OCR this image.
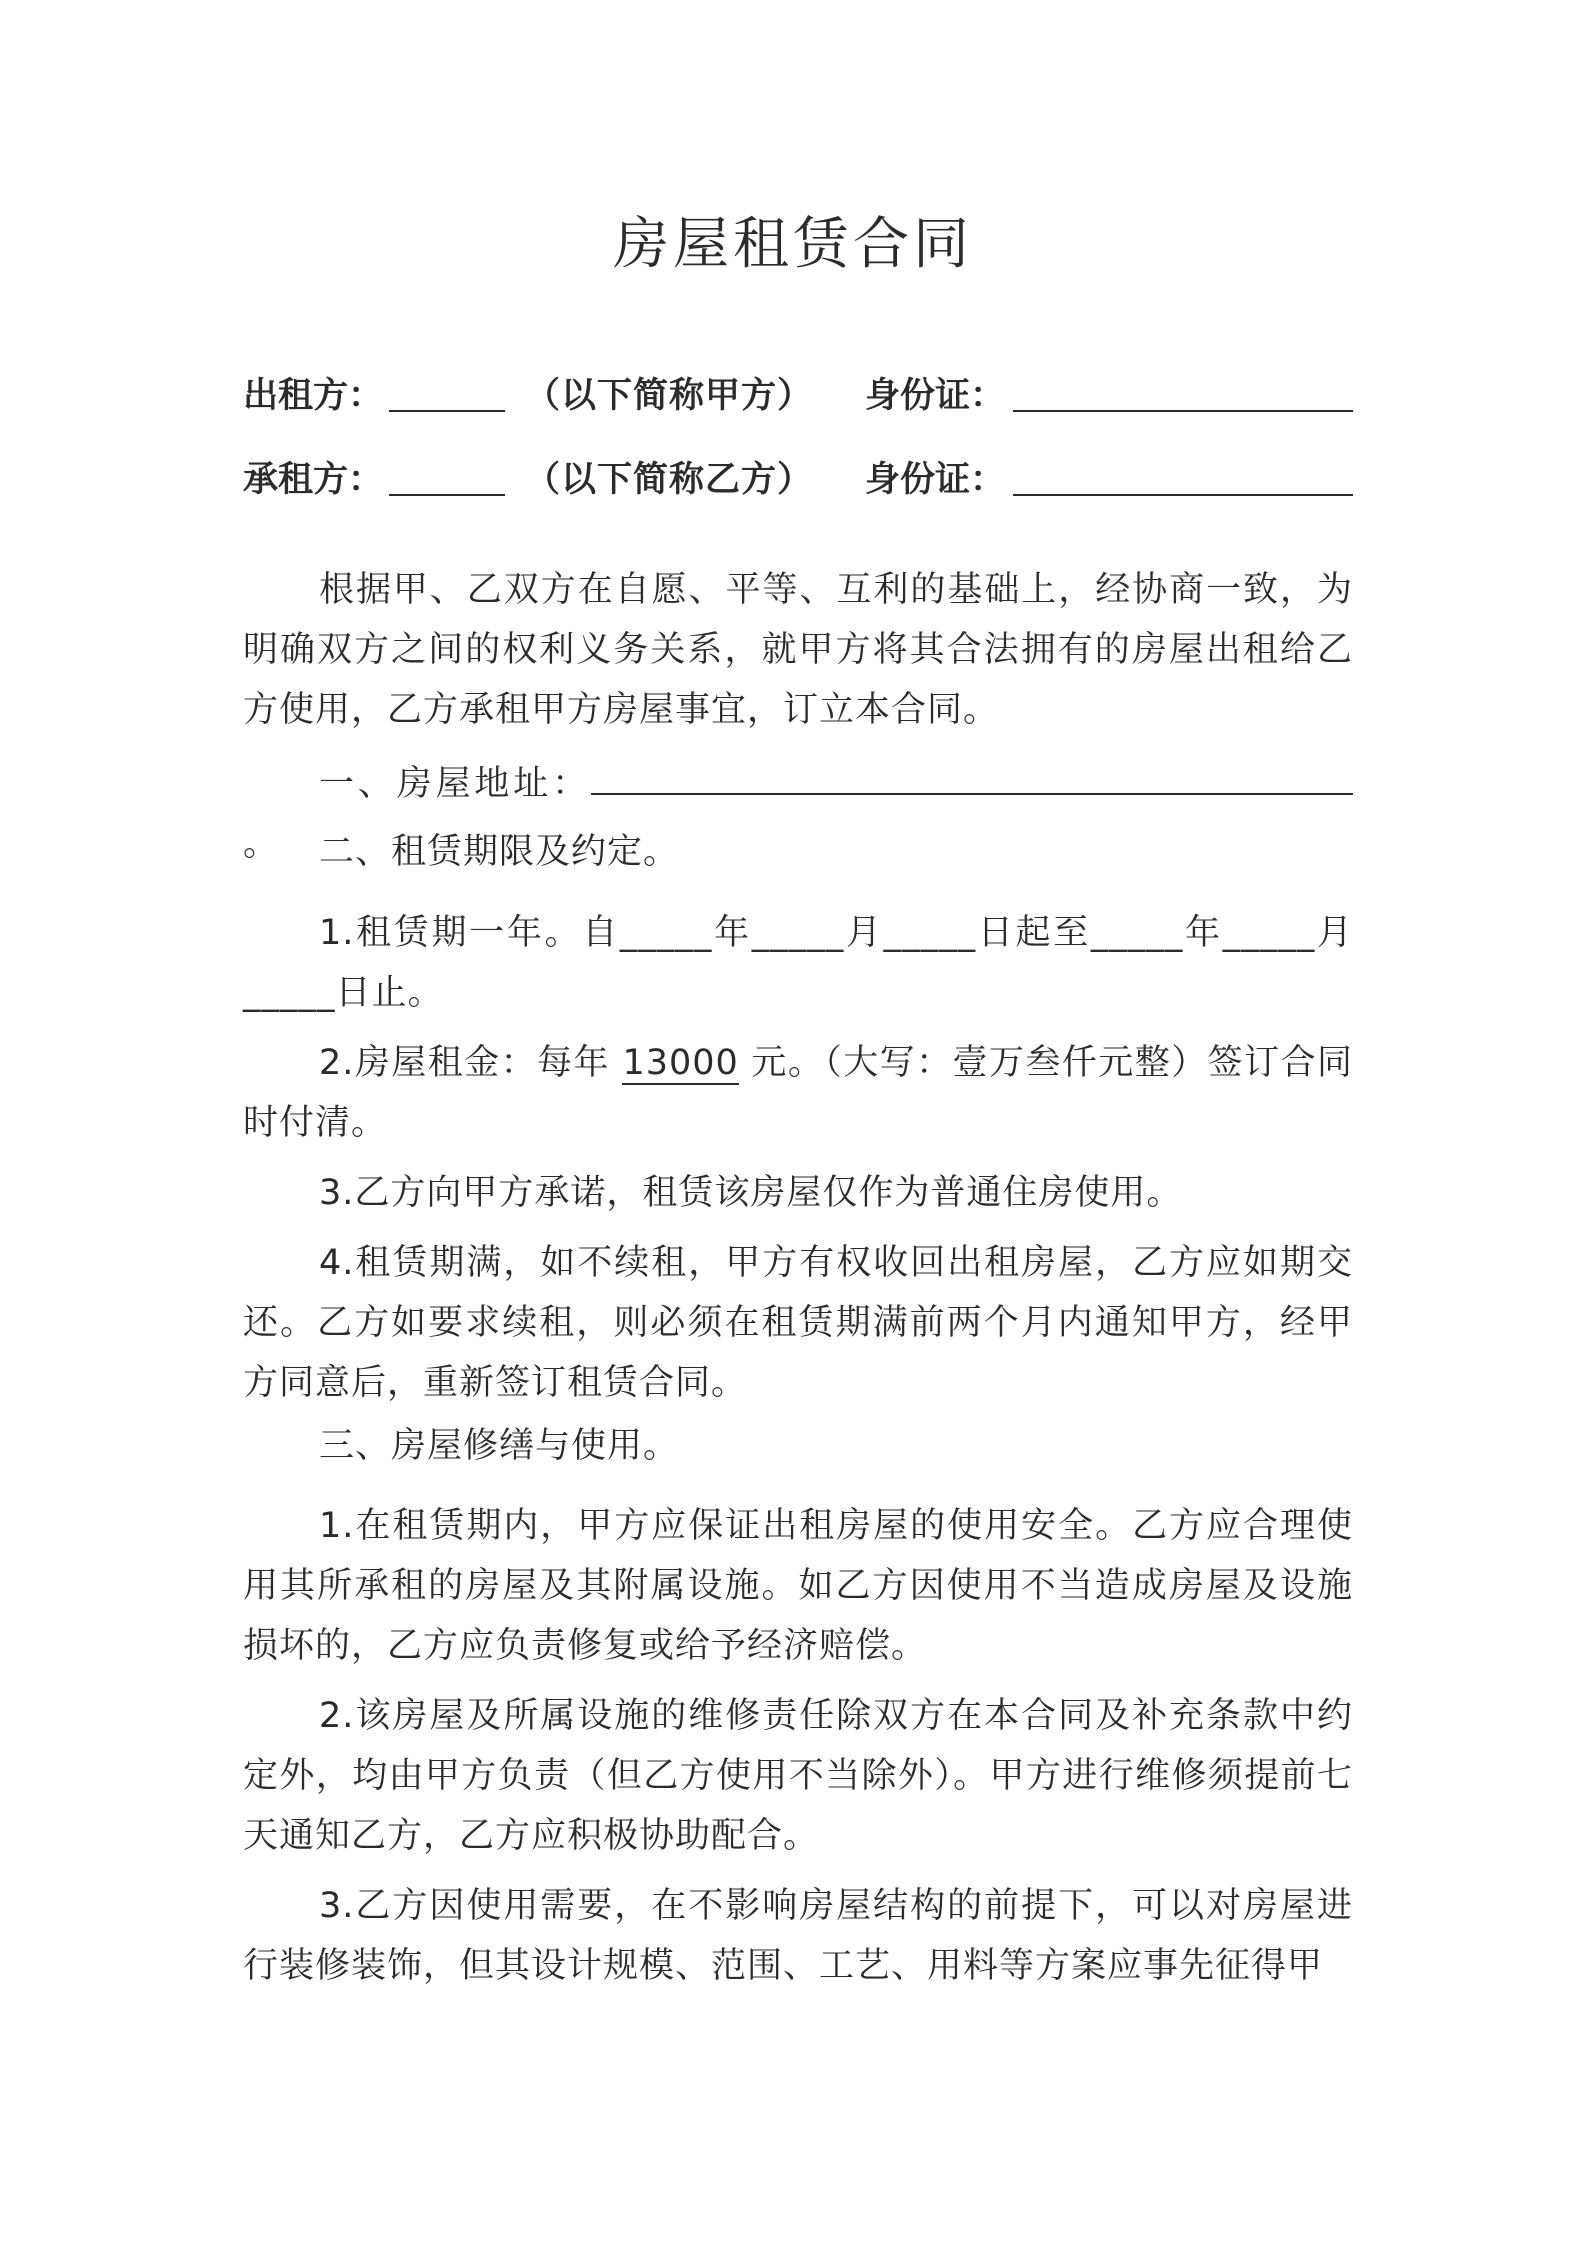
房屋租赁合同
出租方：	（以下简称甲方） 身份证：
承租方：	（以下简称乙方） 身份证：

根据甲、乙双方在自愿、平等、互利的基础上，经协商一致，为明确双方之间的权利义务关系，就甲方将其合法拥有的房屋出租给乙方使用，乙方承租甲方房屋事宜，订立本合同。

一、房屋地址：。	二、租赁期限及约定。

1.租赁期一年。自_____年_____月_____日起至_____年_____月_____日止。

2.房屋租金：每年 13000 元。（大写：壹万叁仟元整）签订合同时付清。

3.乙方向甲方承诺，租赁该房屋仅作为普通住房使用。

4.租赁期满，如不续租，甲方有权收回出租房屋，乙方应如期交还。乙方如要求续租，则必须在租赁期满前两个月内通知甲方，经甲方同意后，重新签订租赁合同。

三、房屋修缮与使用。

1.在租赁期内，甲方应保证出租房屋的使用安全。乙方应合理使用其所承租的房屋及其附属设施。如乙方因使用不当造成房屋及设施损坏的，乙方应负责修复或给予经济赔偿。

2.该房屋及所属设施的维修责任除双方在本合同及补充条款中约定外，均由甲方负责（但乙方使用不当除外）。甲方进行维修须提前七天通知乙方，乙方应积极协助配合。

3.乙方因使用需要，在不影响房屋结构的前提下，可以对房屋进行装修装饰，但其设计规模、范围、工艺、用料等方案应事先征得甲
